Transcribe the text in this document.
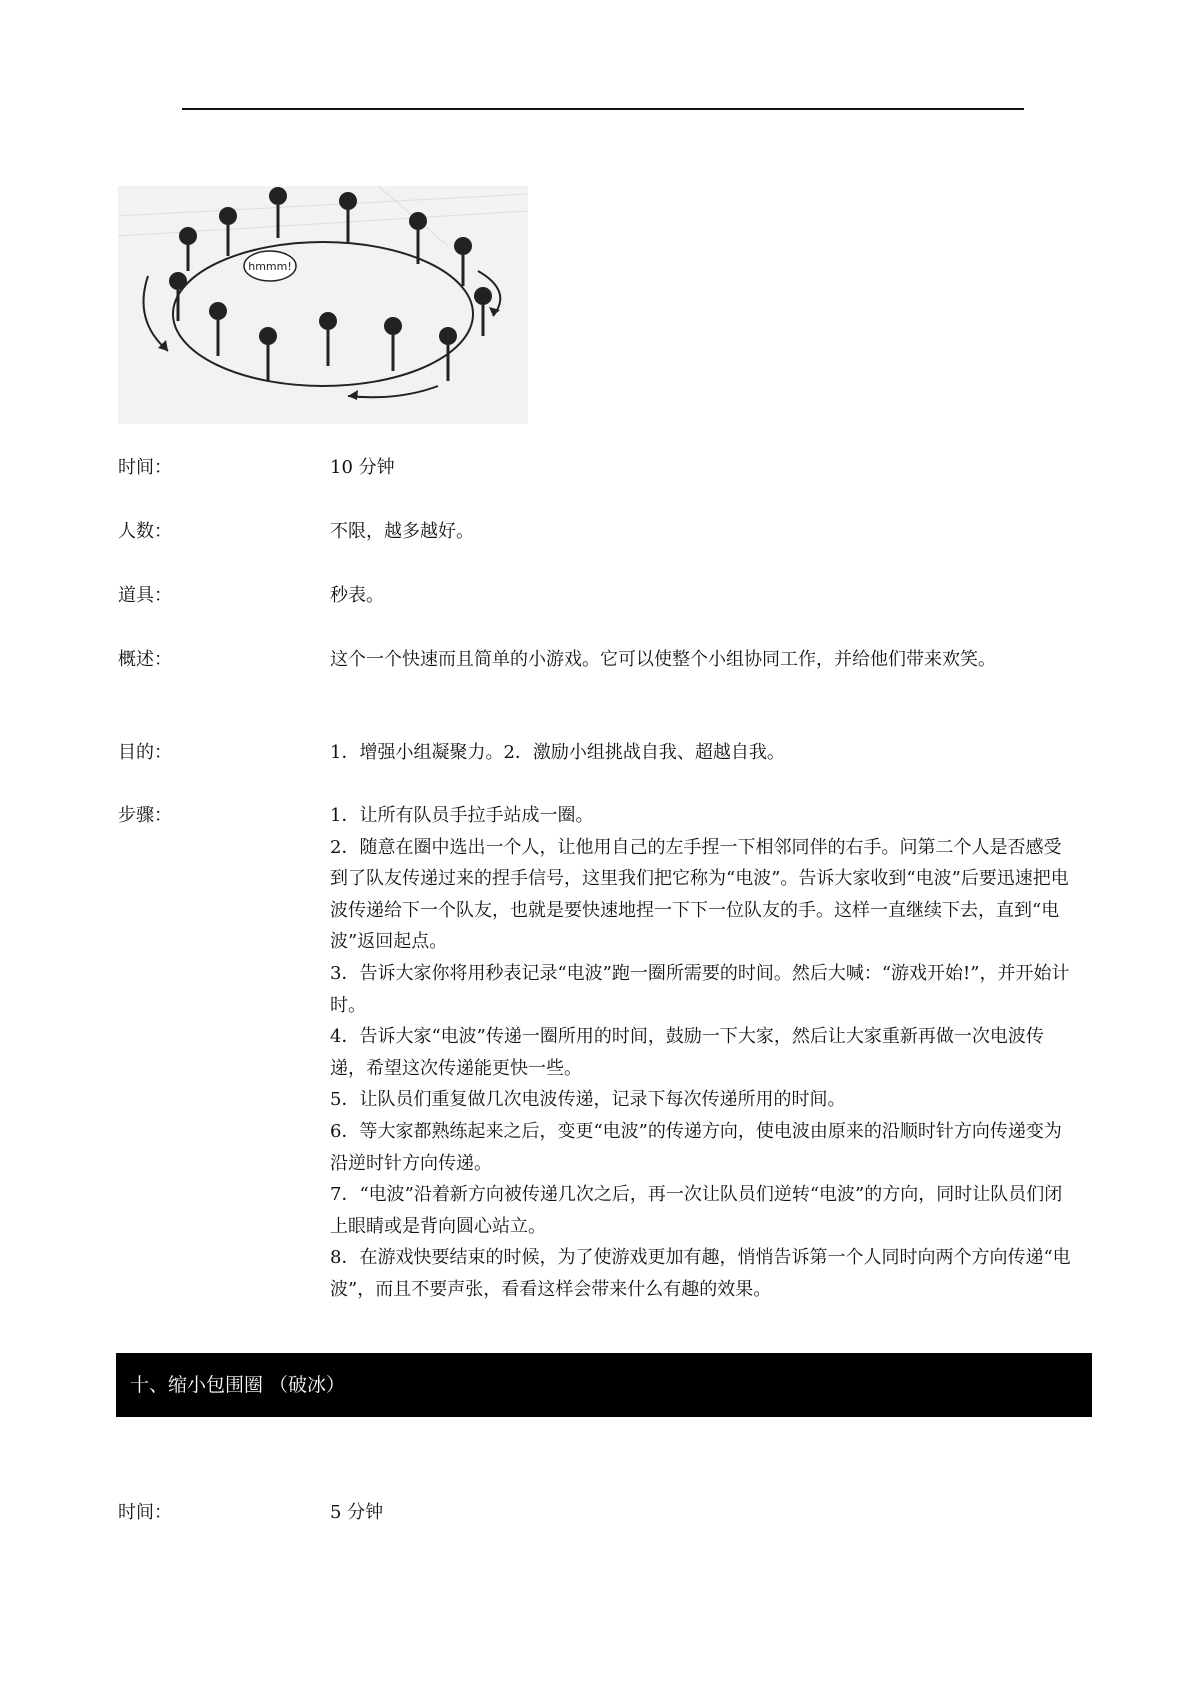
hmmm!
时间：	10 分钟
人数：	不限，越多越好。
道具：	秒表。
概述：	这个一个快速而且简单的小游戏。它可以使整个小组协同工作，并给他们带来欢笑。
目的：	1．增强小组凝聚力。2．激励小组挑战自我、超越自我。
步骤：	1．让所有队员手拉手站成一圈。

2．随意在圈中选出一个人，让他用自己的左手捏一下相邻同伴的右手。问第二个人是否感受到了队友传递过来的捏手信号，这里我们把它称为“电波”。告诉大家收到“电波”后要迅速把电波传递给下一个队友，也就是要快速地捏一下下一位队友的手。这样一直继续下去，直到“电波”返回起点。

3．告诉大家你将用秒表记录“电波”跑一圈所需要的时间。然后大喊：“游戏开始!”，并开始计时。

4．告诉大家“电波”传递一圈所用的时间，鼓励一下大家，然后让大家重新再做一次电波传递，希望这次传递能更快一些。

5．让队员们重复做几次电波传递，记录下每次传递所用的时间。

6．等大家都熟练起来之后，变更“电波”的传递方向，使电波由原来的沿顺时针方向传递变为沿逆时针方向传递。

7．“电波”沿着新方向被传递几次之后，再一次让队员们逆转“电波”的方向，同时让队员们闭上眼睛或是背向圆心站立。

8．在游戏快要结束的时候，为了使游戏更加有趣，悄悄告诉第一个人同时向两个方向传递“电波”，而且不要声张，看看这样会带来什么有趣的效果。

十、缩小包围圈 （破冰）
时间：	5 分钟
